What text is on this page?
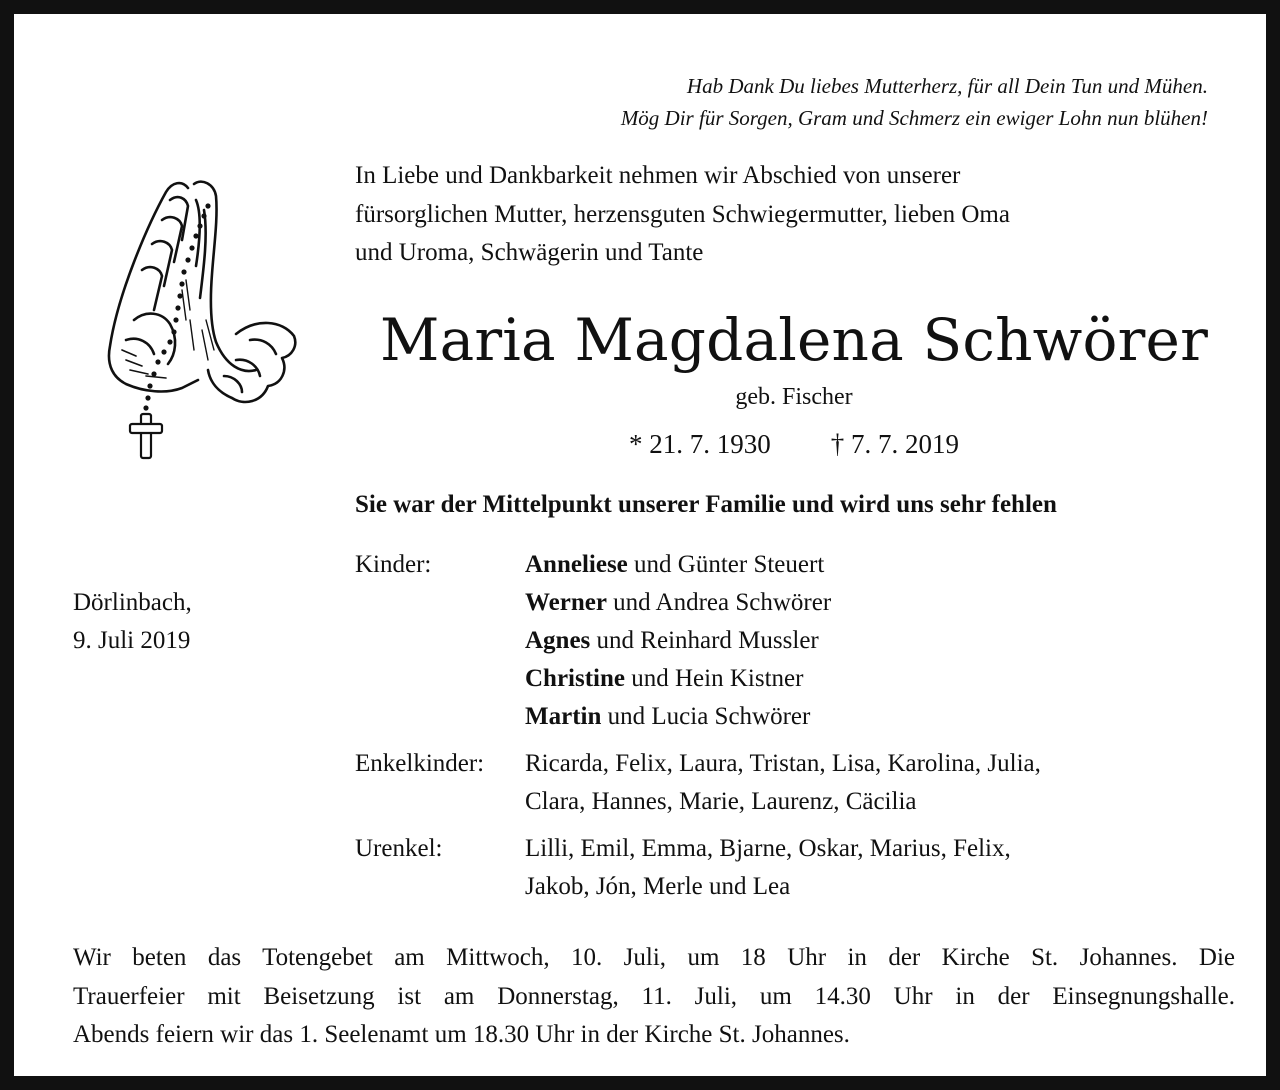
Hab Dank Du liebes Mutterherz, für all Dein Tun und Mühen.
Mög Dir für Sorgen, Gram und Schmerz ein ewiger Lohn nun blühen!
In Liebe und Dankbarkeit nehmen wir Abschied von unserer
fürsorglichen Mutter, herzensguten Schwiegermutter, lieben Oma
und Uroma, Schwägerin und Tante
Maria Magdalena Schwörer
geb. Fischer
* 21. 7. 1930 † 7. 7. 2019
Sie war der Mittelpunkt unserer Familie und wird uns sehr fehlen
Dörlinbach,
9. Juli 2019
Kinder:	Anneliese und Günter Steuert
Werner und Andrea Schwörer
Agnes und Reinhard Mussler
Christine und Hein Kistner
Martin und Lucia Schwörer
Enkelkinder:	Ricarda, Felix, Laura, Tristan, Lisa, Karolina, Julia,
Clara, Hannes, Marie, Laurenz, Cäcilia
Urenkel:	Lilli, Emil, Emma, Bjarne, Oskar, Marius, Felix,
Jakob, Jón, Merle und Lea
Wir beten das Totengebet am Mittwoch, 10. Juli, um 18 Uhr in der Kirche St. Johannes. Die
Trauerfeier mit Beisetzung ist am Donnerstag, 11. Juli, um 14.30 Uhr in der Einsegnungshalle.
Abends feiern wir das 1. Seelenamt um 18.30 Uhr in der Kirche St. Johannes.
